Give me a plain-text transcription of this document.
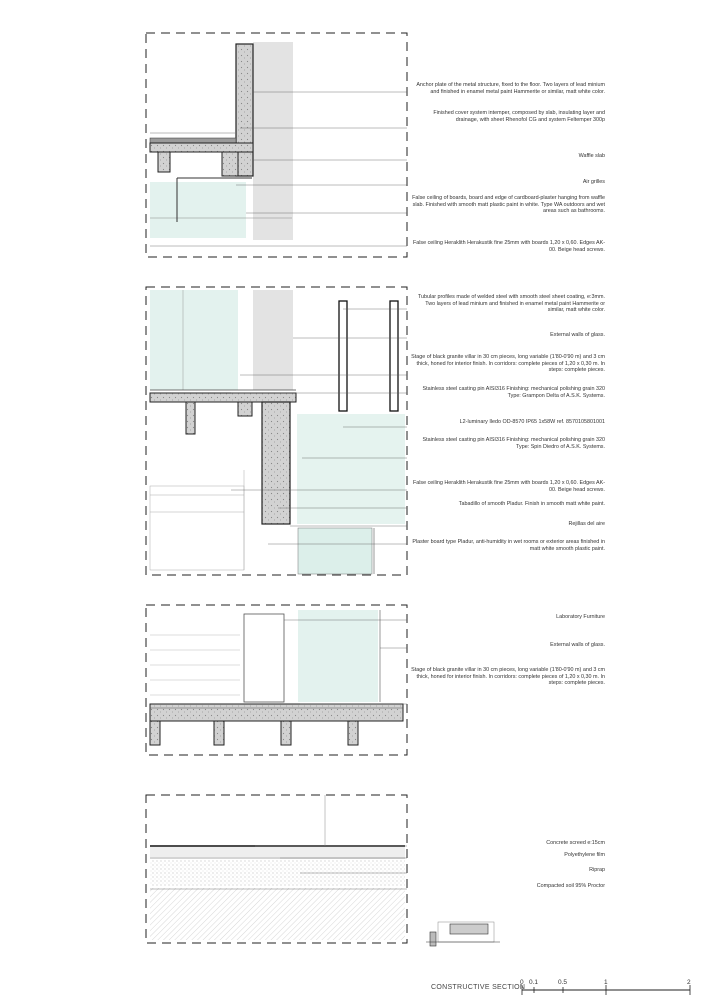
Anchor plate of the metal structure, fixed to the floor. Two layers of lead minium and finished in enamel metal paint Hammerite or similar, matt white color.
Finished cover system intemper, composed by slab, insulating layer and drainage, with sheet Rhenofol CG and system Feltemper 300p
Waffle slab
Air grilles
False ceiling of boards, board and edge of cardboard-plaster hanging from waffle slab. Finished with smooth matt plastic paint in white. Type WA outdoors and wet areas such as bathrooms.
False ceiling Heraklith Herakustik fine 25mm with boards 1,20 x 0,60. Edges AK-00. Beige head screws.
Tubular profiles made of welded steel with smooth steel sheet coating, e:3mm. Two layers of lead minium and finished in enamel metal paint Hammerite or similar, matt white color.
External walls of glass.
Stage of black granite villar in 30 cm pieces, long variable (1'80-0'90 m) and 3 cm thick, honed for interior finish. In corridors: complete pieces of 1,20 x 0,30 m. In steps: complete pieces.
Stainless steel casting pin AISI316 Finishing: mechanical polishing grain 320 Type: Grampon Delta of A.S.K. Systems.
L2-luminary Iledo OD-8570 IP65 1x58W ref. 8570105801001
Stainless steel casting pin AISI316 Finishing: mechanical polishing grain 320 Type: Spin Diedro of A.S.K. Systems.
False ceiling Heraklith Herakustik fine 25mm with boards 1,20 x 0,60. Edges AK-00. Beige head screws.
Tabadillo of smooth Pladur. Finish in smooth matt white paint.
Rejillas del aire
Plaster board type Pladur, anti-humidity in wet rooms or exterior areas finished in matt white smooth plastic paint.
Laboratory Furniture
External walls of glass.
Stage of black granite villar in 30 cm pieces, long variable (1'80-0'90 m) and 3 cm thick, honed for interior finish. In corridors: complete pieces of 1,20 x 0,30 m. In steps: complete pieces.
Concrete screed e:15cm
Polyethylene film
Riprap
Compacted soil 95% Proctor
CONSTRUCTIVE SECTION
0 0.1	0.5	1	2
